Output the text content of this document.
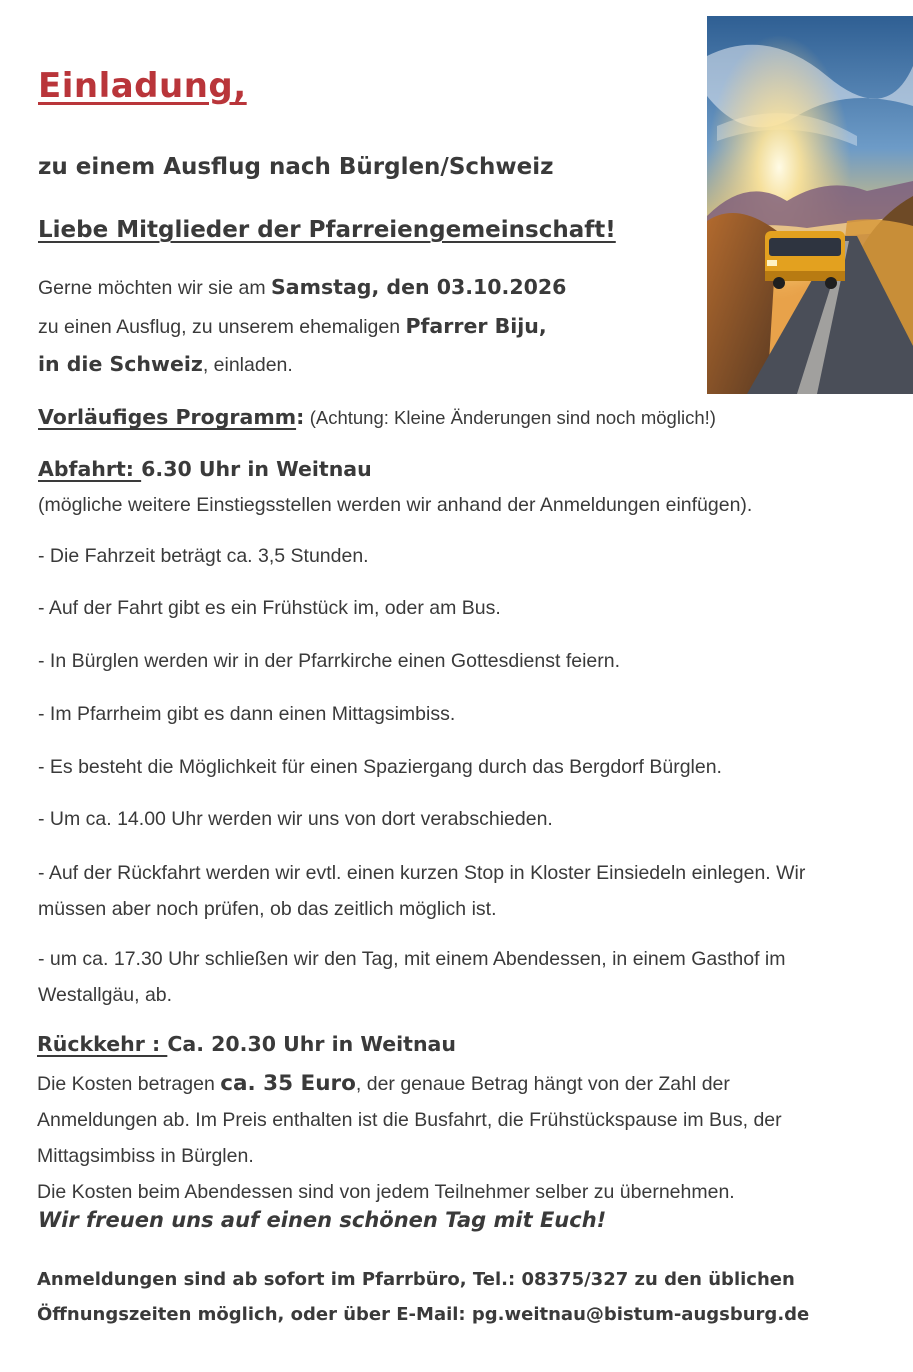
Einladung,
zu einem Ausflug nach Bürglen/Schweiz
Liebe Mitglieder der Pfarreiengemeinschaft!
Gerne möchten wir sie am Samstag, den 03.10.2026
zu einen Ausflug, zu unserem ehemaligen Pfarrer Biju,
in die Schweiz, einladen.
Vorläufiges Programm: (Achtung: Kleine Änderungen sind noch möglich!)
Abfahrt: 6.30 Uhr in Weitnau
(mögliche weitere Einstiegsstellen werden wir anhand der Anmeldungen einfügen).
- Die Fahrzeit beträgt ca. 3,5 Stunden.
- Auf der Fahrt gibt es ein Frühstück im, oder am Bus.
- In Bürglen werden wir in der Pfarrkirche einen Gottesdienst feiern.
- Im Pfarrheim gibt es dann einen Mittagsimbiss.
- Es besteht die Möglichkeit für einen Spaziergang durch das Bergdorf Bürglen.
- Um ca. 14.00 Uhr werden wir uns von dort verabschieden.
- Auf der Rückfahrt werden wir evtl. einen kurzen Stop in Kloster Einsiedeln einlegen. Wir
müssen aber noch prüfen, ob das zeitlich möglich ist.
- um ca. 17.30 Uhr schließen wir den Tag, mit einem Abendessen, in einem Gasthof im
Westallgäu, ab.
Rückkehr : Ca. 20.30 Uhr in Weitnau
Die Kosten betragen ca. 35 Euro, der genaue Betrag hängt von der Zahl der
Anmeldungen ab. Im Preis enthalten ist die Busfahrt, die Frühstückspause im Bus, der
Mittagsimbiss in Bürglen.
Die Kosten beim Abendessen sind von jedem Teilnehmer selber zu übernehmen.

Wir freuen uns auf einen schönen Tag mit Euch!

Anmeldungen sind ab sofort im Pfarrbüro, Tel.: 08375/327 zu den üblichen
Öffnungszeiten möglich, oder über E-Mail: pg.weitnau@bistum-augsburg.de
